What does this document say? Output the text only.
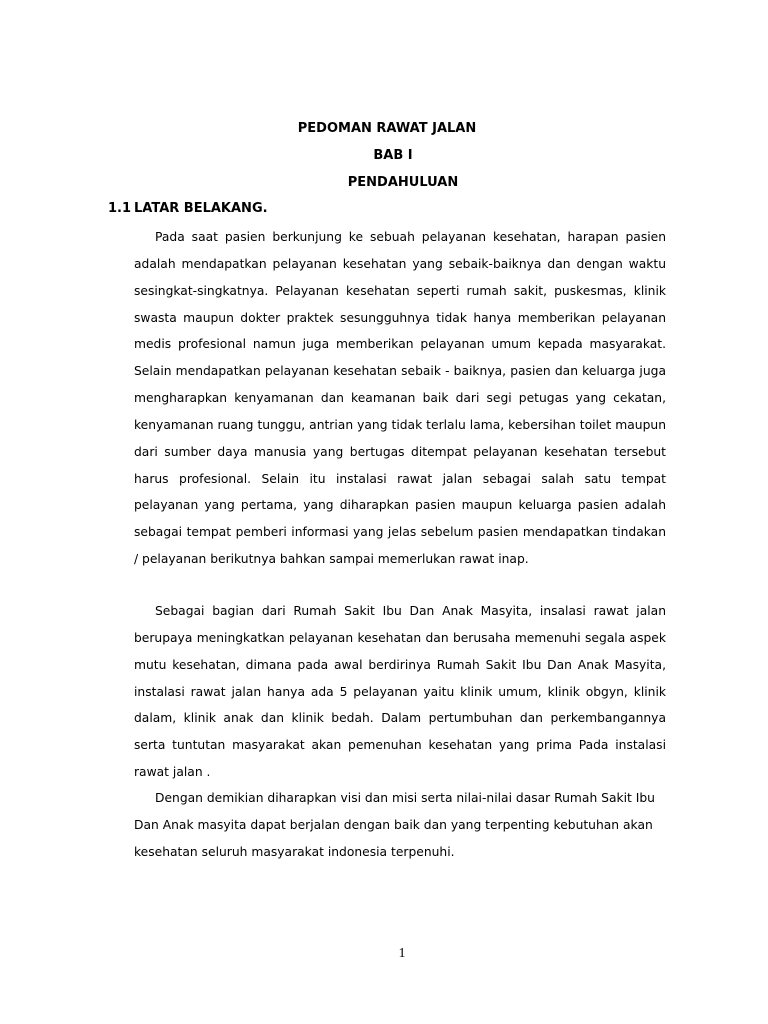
PEDOMAN RAWAT JALAN

BAB I

PENDAHULUAN

1.1 LATAR BELAKANG.

Pada saat pasien berkunjung ke sebuah pelayanan kesehatan, harapan pasien adalah mendapatkan pelayanan kesehatan yang sebaik-baiknya dan dengan waktu sesingkat-singkatnya. Pelayanan kesehatan seperti rumah sakit, puskesmas, klinik swasta maupun dokter praktek sesungguhnya tidak hanya memberikan pelayanan medis profesional namun juga memberikan pelayanan umum kepada masyarakat. Selain mendapatkan pelayanan kesehatan sebaik - baiknya, pasien dan keluarga juga mengharapkan kenyamanan dan keamanan baik dari segi petugas yang cekatan, kenyamanan ruang tunggu, antrian yang tidak terlalu lama, kebersihan toilet maupun dari sumber daya manusia yang bertugas ditempat pelayanan kesehatan tersebut harus profesional. Selain itu instalasi rawat jalan sebagai salah satu tempat pelayanan yang pertama, yang diharapkan pasien maupun keluarga pasien adalah sebagai tempat pemberi informasi yang jelas sebelum pasien mendapatkan tindakan / pelayanan berikutnya bahkan sampai memerlukan rawat inap.

Sebagai bagian dari Rumah Sakit Ibu Dan Anak Masyita, insalasi rawat jalan berupaya meningkatkan pelayanan kesehatan dan berusaha memenuhi segala aspek mutu kesehatan, dimana pada awal berdirinya Rumah Sakit Ibu Dan Anak Masyita, instalasi rawat jalan hanya ada 5 pelayanan yaitu klinik umum, klinik obgyn, klinik dalam, klinik anak dan klinik bedah. Dalam pertumbuhan dan perkembangannya serta tuntutan masyarakat akan pemenuhan kesehatan yang prima Pada instalasi rawat jalan .

Dengan demikian diharapkan visi dan misi serta nilai-nilai dasar Rumah Sakit Ibu Dan Anak masyita dapat berjalan dengan baik dan yang terpenting kebutuhan akan kesehatan seluruh masyarakat indonesia terpenuhi.

1
